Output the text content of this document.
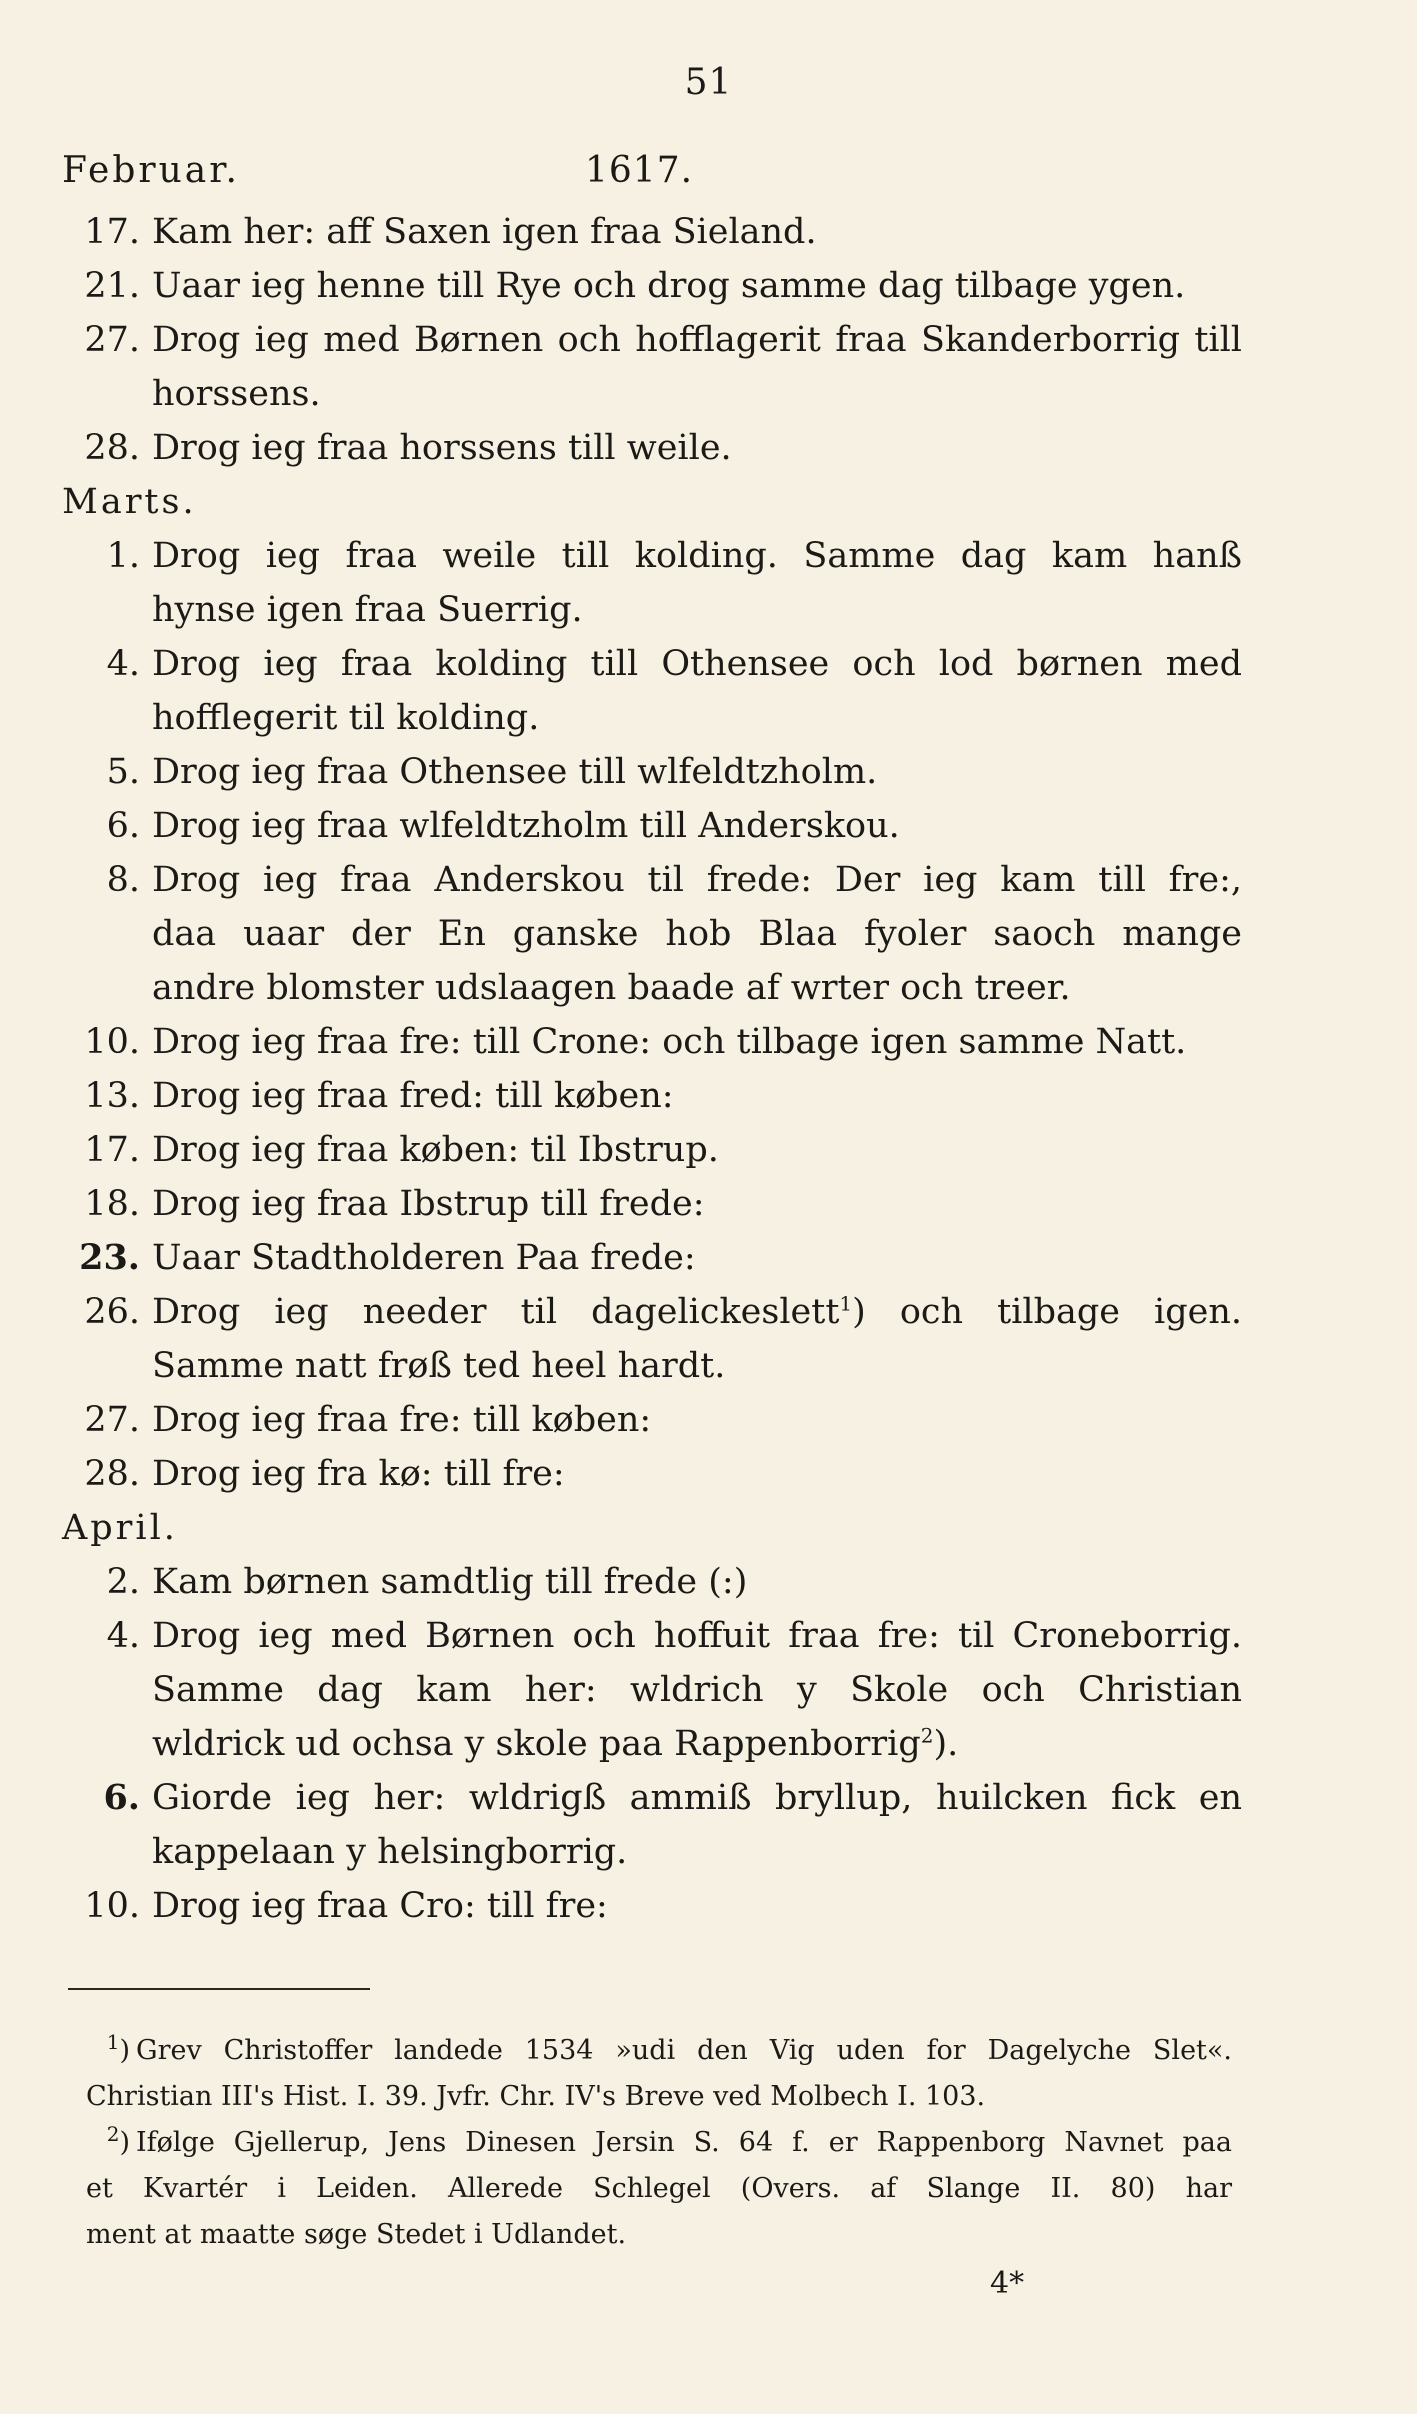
51
Februar.	1617.
17. Kam her: aff Saxen igen fraa Sieland.
21. Uaar ieg henne till Rye och drog samme dag tilbage ygen.
27. Drog ieg med Børnen och hofflagerit fraa Skanderborrig till
horssens.
28. Drog ieg fraa horssens till weile.
Marts.
1. Drog ieg fraa weile till kolding. Samme dag kam hanß
hynse igen fraa Suerrig.
4. Drog ieg fraa kolding till Othensee och lod børnen med
hofflegerit til kolding.
5. Drog ieg fraa Othensee till wlfeldtzholm.
6. Drog ieg fraa wlfeldtzholm till Anderskou.
8. Drog ieg fraa Anderskou til frede: Der ieg kam till fre:,
daa uaar der En ganske hob Blaa fyoler saoch mange
andre blomster udslaagen baade af wrter och treer.
10. Drog ieg fraa fre: till Crone: och tilbage igen samme Natt.
13. Drog ieg fraa fred: till køben:
17. Drog ieg fraa køben: til Ibstrup.
18. Drog ieg fraa Ibstrup till frede:
23. Uaar Stadtholderen Paa frede:
26. Drog ieg needer til dagelickeslett$^1$) och tilbage igen.
Samme natt frøß ted heel hardt.
27. Drog ieg fraa fre: till køben:
28. Drog ieg fra kø: till fre:
April.
2. Kam børnen samdtlig till frede (:)
4. Drog ieg med Børnen och hoffuit fraa fre: til Croneborrig.
Samme dag kam her: wldrich y Skole och Christian
wldrick ud ochsa y skole paa Rappenborrig$^2$).
6. Giorde ieg her: wldrigß ammiß bryllup, huilcken fick en
kappelaan y helsingborrig.
10. Drog ieg fraa Cro: till fre:
$^1$) Grev Christoffer landede 1534 »udi den Vig uden for Dagelyche Slet«.
Christian III's Hist. I. 39. Jvfr. Chr. IV's Breve ved Molbech I. 103.
$^2$) Ifølge Gjellerup, Jens Dinesen Jersin S. 64 f. er Rappenborg Navnet paa
et Kvartér i Leiden. Allerede Schlegel (Overs. af Slange II. 80) har
ment at maatte søge Stedet i Udlandet.
4*
